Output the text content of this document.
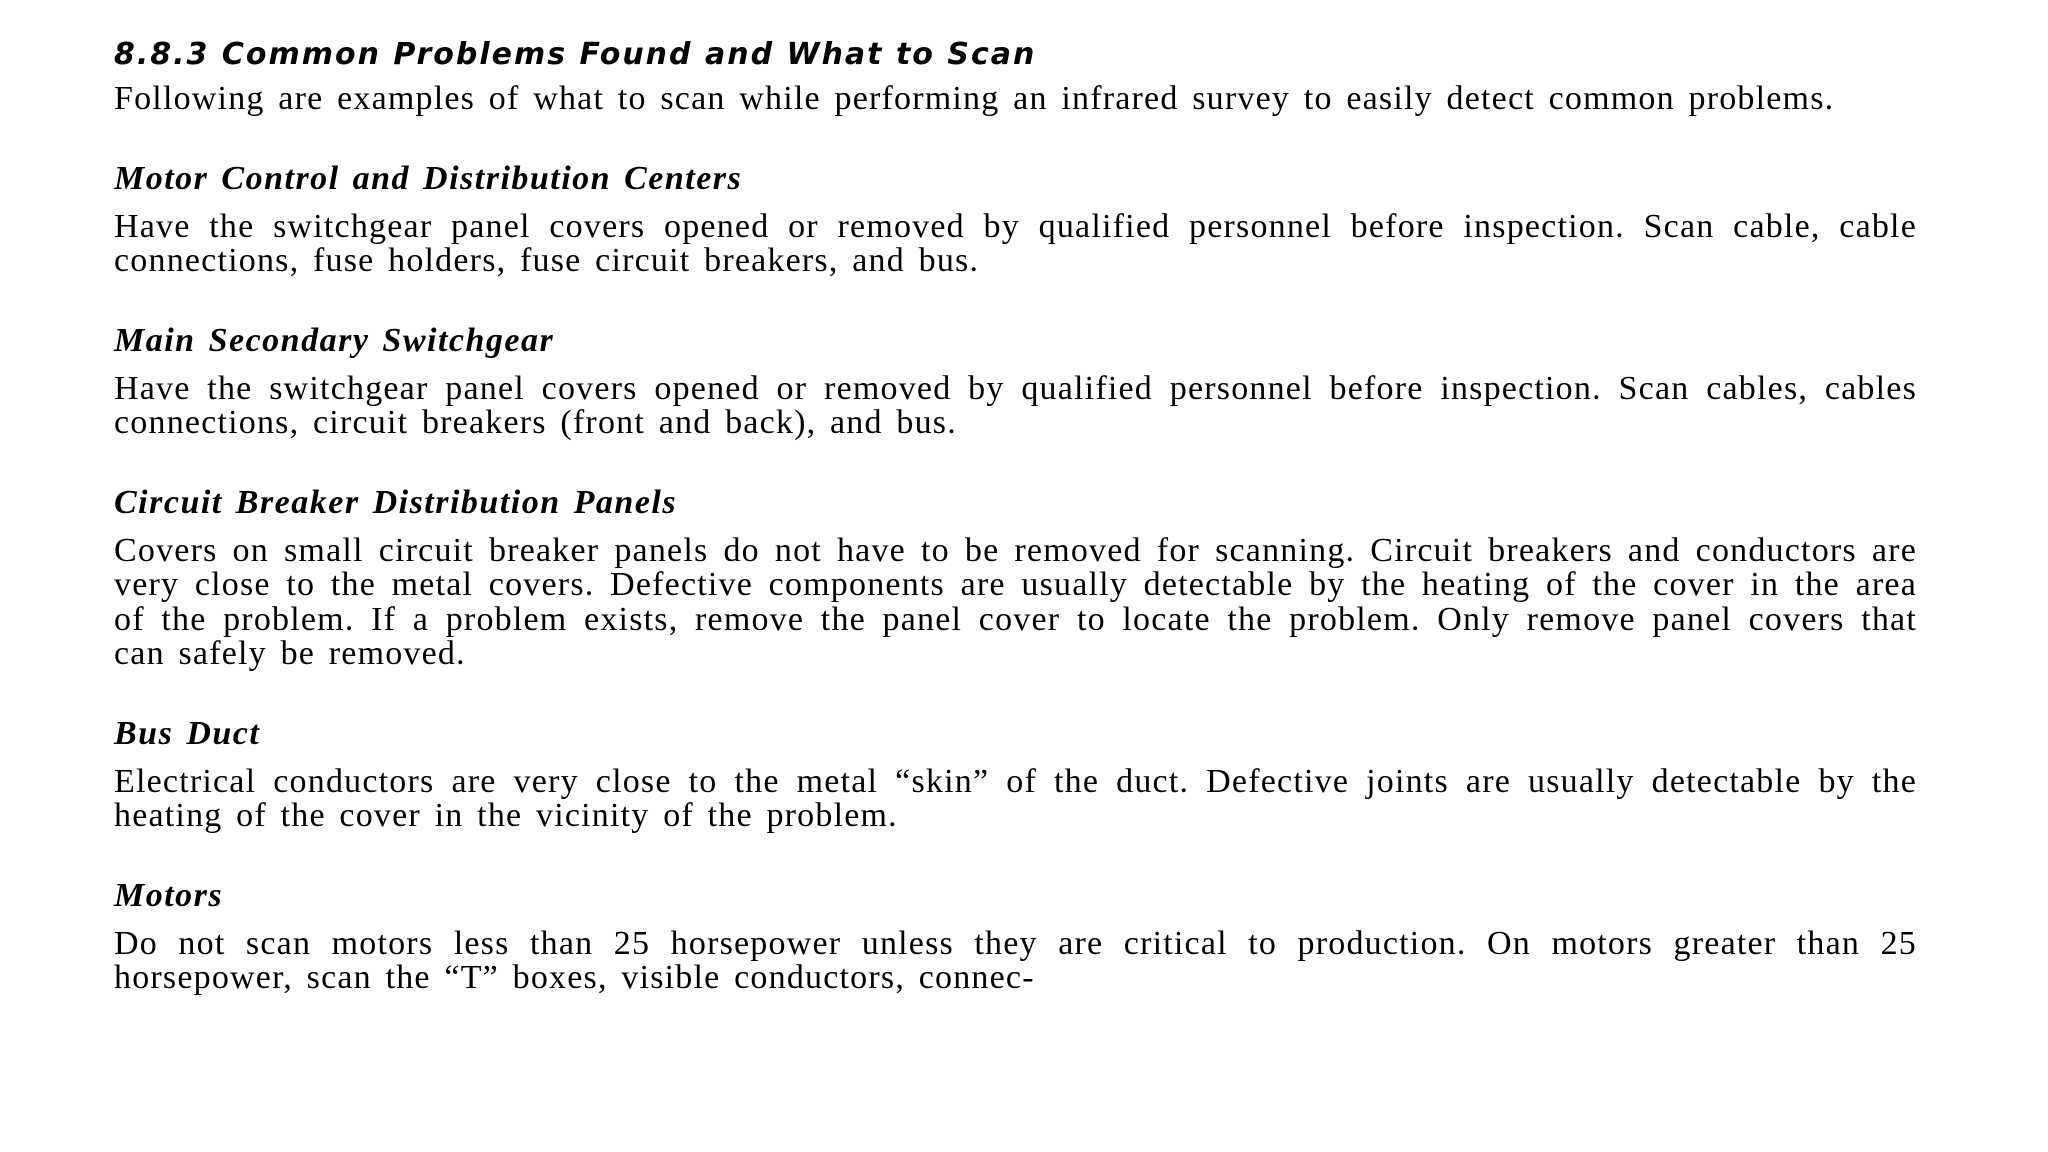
8.8.3 Common Problems Found and What to Scan

Following are examples of what to scan while performing an infrared survey to easily detect common problems.

Motor Control and Distribution Centers

Have the switchgear panel covers opened or removed by qualified personnel before inspection. Scan cable, cable connections, fuse holders, fuse circuit breakers, and bus.

Main Secondary Switchgear

Have the switchgear panel covers opened or removed by qualified personnel before inspection. Scan cables, cables connections, circuit breakers (front and back), and bus.

Circuit Breaker Distribution Panels

Covers on small circuit breaker panels do not have to be removed for scanning. Circuit breakers and conductors are very close to the metal covers. Defective components are usually detectable by the heating of the cover in the area of the problem. If a problem exists, remove the panel cover to locate the problem. Only remove panel covers that can safely be removed.

Bus Duct

Electrical conductors are very close to the metal “skin” of the duct. Defective joints are usually detectable by the heating of the cover in the vicinity of the problem.

Motors

Do not scan motors less than 25 horsepower unless they are critical to production. On motors greater than 25 horsepower, scan the “T” boxes, visible conductors, connec-
